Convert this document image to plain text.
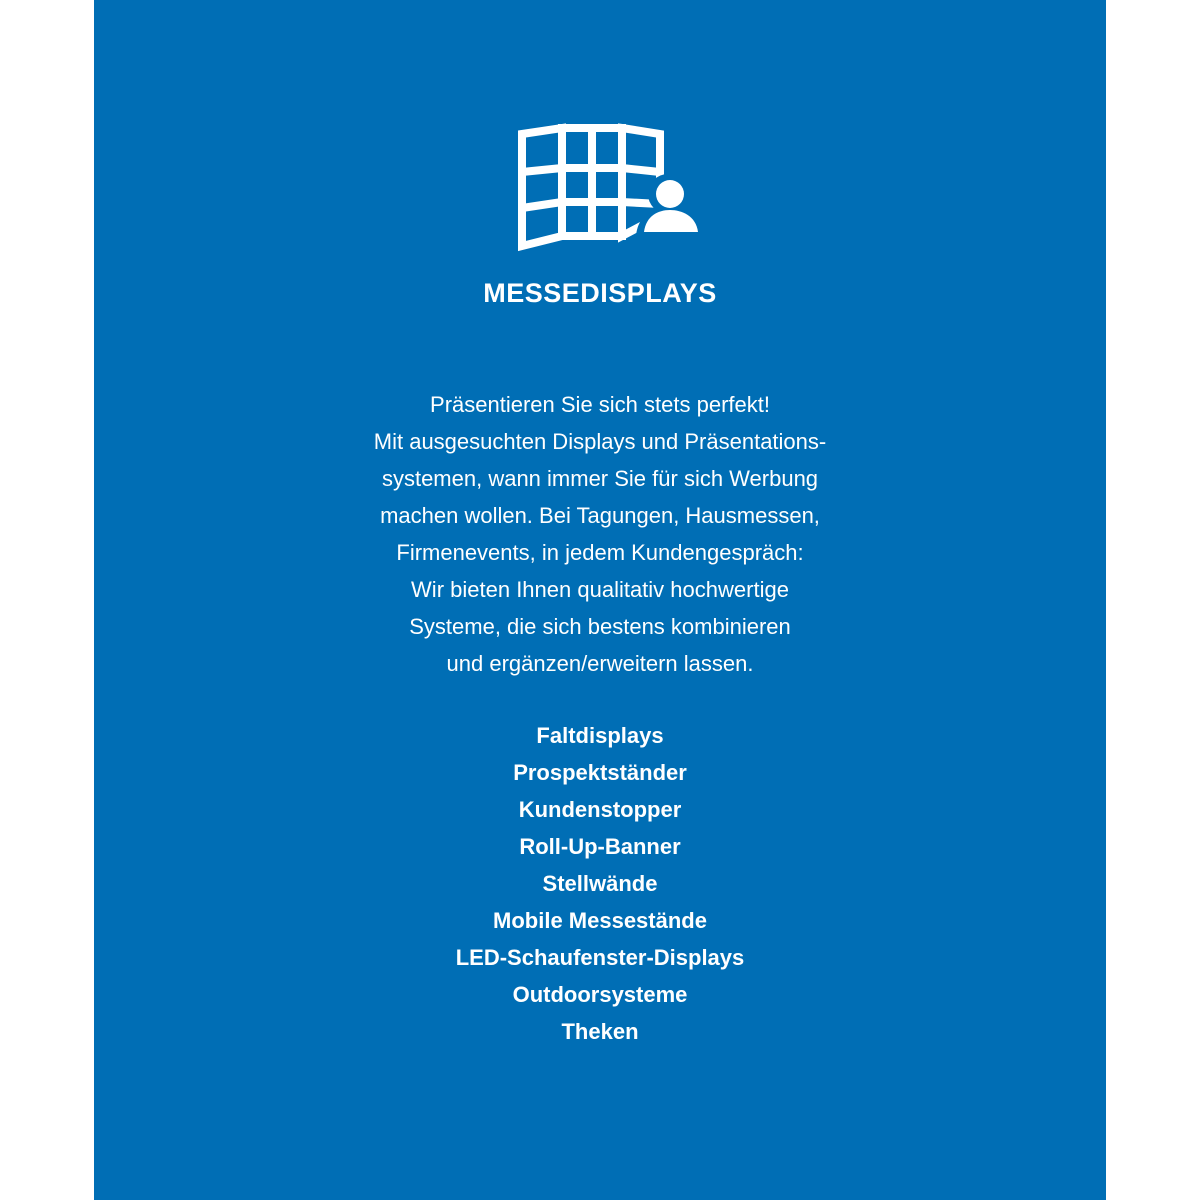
MESSEDISPLAYS

Präsentieren Sie sich stets perfekt!
Mit ausgesuchten Displays und Präsentations-
systemen, wann immer Sie für sich Werbung
machen wollen. Bei Tagungen, Hausmessen,
Firmenevents, in jedem Kundengespräch:
Wir bieten Ihnen qualitativ hochwertige
Systeme, die sich bestens kombinieren
und ergänzen/erweitern lassen.

Faltdisplays
Prospektständer
Kundenstopper
Roll-Up-Banner
Stellwände
Mobile Messestände
LED-Schaufenster-Displays
Outdoorsysteme
Theken
